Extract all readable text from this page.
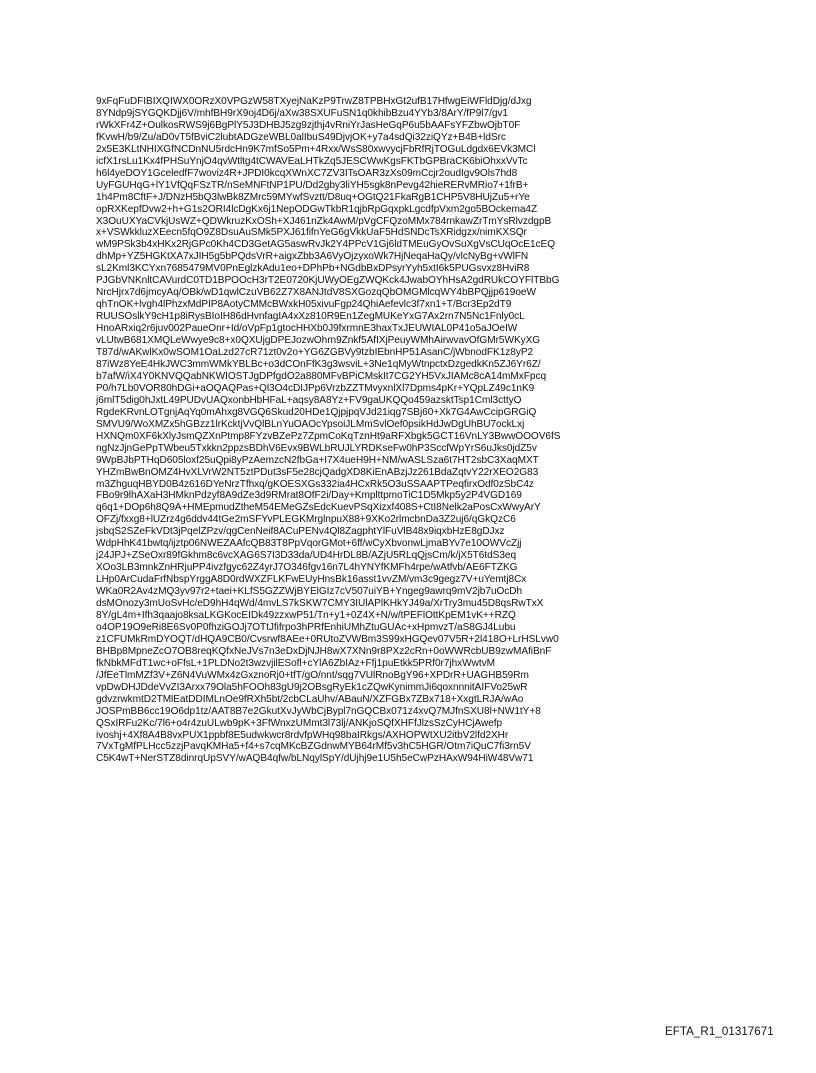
9xFqFuDFIBIXQIWX0ORzX0VPGzW58TXyejNaKzP9TrwZ8TPBHxGt2ufB17HfwgEiWFldDjg/dJxg
8YNdp9jSYGQKDjj6V/mhfBH9rX9oj4D6j/aXw38SXUFuSN1q0khibBzu4YYb3/8ArY/fP9l7/gv1
rWkXFr4Z+OulkosRWS9j6BgPlY5J3DHBJ5zg9zjthj4vRniYrJasHeGqP6u5bAAFsYFZbwOjbT0F
fKvwH/b9/Zu/aD0vT5fBviC2lubtADGzeWBL0alIbuS49DjvjOK+y7a4sdQi32ziQYz+B4B+ldSrc
2x5E3KLtNHIXGfNCDnNU5rdcHn9K7mfSo5Pm+4Rxx/WsS80xwvycjFbRfRjTOGuLdgdx6EVk3MCl
icfX1rsLu1Kx4fPHSuYnjO4qvWtltg4tCWAVEaLHTkZq5JESCWwKgsFKTbGPBraCK6biOhxxVvTc
h6l4yeDOY1GceledfF7woviz4R+JPDI0kcqXWnXC7ZV3ITsOAR3zXs09mCcjr2oudIgv9Ols7hd8
UyFGUHqG+lY1VfQqFSzTR/nSeMNFtNP1PU/Dd2gby3liYH5sgk8nPevg42hieRERvMRio7+1frB+
1h4Pm8CftF+J/DNzH5bQ3lwBk8ZMrc59MYwfSvztt/D8uq+OGtQ21FkaRgB1CHP5V8HUjZu5+rYe
opRXKepfDvw2+h+G1s2ORI4lcDgKx6j1NepODGwTkbR1qjbRpGqxpkLgcdfpVxm2go5BOckema4Z
X3OuUXYaCVkjUsWZ+QDWkruzKxOSh+XJ461nZk4AwM/pVgCFQzoMMx784rnkawZrTmYsRlvzdgpB
x+VSWkkluzXEecn5fqO9Z8DsuAuSMk5PXJ61fifnYeG6gVkkUaF5HdSNDcTsXRidgzx/nimKXSQr
wM9PSk3b4xHKx2RjGPc0Kh4CD3GetAG5aswRvJk2Y4PPcV1Gj6ldTMEuGyOvSuXgVsCUqOcE1cEQ
dhMp+YZ5HGKtXA7xJIH5g5bPQdsVrR+aigxZbb3A6VyOjzyxoWk7HjNeqaHaQy/vlcNyBg+vWlFN
sL2Kml3KCYxn7685479MV0PnEglzkAdu1eo+DPhPb+NGdbBxDPsyrYyh5xtI6k5PUGsvxz8HviR8
PJGbVNKnltCAVurdC0TD1BPOOcH3rT2E0720KjUWyOEgZWQKck4JwabOYhHsA2gdRUkCOYFlTBbG
NrcHjrx7d6jmcyAq/OBk/wD1qwlCzuVB62Z7X8ANJtdV8SXGozqQbOMGMlcqWY4bBPQjjp619oeW
qhTnOK+lvgh4lPhzxMdPIP8AotyCMMcBWxkH05xivuFgp24QhiAefevlc3f7xn1+T/Bcr3Ep2dT9
RUUSOslkY9cH1p8iRysBIoIH86dHvnfagIA4xXz810R9En1ZegMUKeYxG7Ax2rn7N5Nc1Fnly0cL
HnoARxiq2r6juv002PaueOnr+Id/oVpFp1gtocHHXb0J9fxrmnE3haxTxJEUWIAL0P41o5aJOeIW
vLUtwB681XMQLeWwye9c8+x0QXUjgDPEJozwOhrn9Znkf5AfIXjPeuyWMhAirwvavOfGMr5WKyXG
T87d/wAKwlKx0wSOM1OaLzd27cR71zt0v2o+YG6ZGBVy9tzbIEbnHP51AsanC/jWbnodFK1z8yP2
87iWz8YeE4HkJWC3mmWMkYBLBc+o3dCOnFfK3g3wsviL+3Ne1qMyWtnpctxDzgedkKn5ZJ6Yr6Z/
b7afW/iX4Y0KNVQQabNKWIOSTJgDPfgdO2a880MFvBPiCMskIt7CG2YH5VxJIAMc8cA14mMxFpcq
P0/h7Lb0VOR80hDGi+aOQAQPas+Ql3O4cDIJPp6VrzbZZTMvyxnlXl7Dpms4pKr+YQpLZ49c1nK9
j6mlT5dig0hJxtL49PUDvUAQxonbHbHFaL+aqsy8A8Yz+FV9gaUKQQo459azsktTsp1Cml3cttyO
RgdeKRvnLOTgnjAqYq0mAhxg8VGQ6Skud20HDe1QjpjpqVJd21iqg7SBj60+Xk7G4AwCcipGRGiQ
SMVU9/WoXMZx5hGBzz1lrKcktjVvQlBLnYuOAOcYpsoiJLMmSvlOef0psikHdJwDgUhBU7ockLxj
HXNQm0XF6kXlyJsmQZXnPtmp8FYzvBZePz7ZpmCoKqTznHt9aRFXbgk5GCT16VnLY3BwwOOOV6fS
ngNzJjnGePpTWbeu5Txkkn2ppzsBDhV6Evx9BWLbRUJLYRDKseFw0hP3SccfWpYrS6uJks0jdZ5v
9WpBJbPTHqD605loxf25uQpi8yPzAemzcN2fbGa+I7X4ueH9H+NM/wASLSza6t7HT2sbC3XaqMXT
YHZmBwBnOMZ4HvXLVrW2NT5ztPDut3sF5e28cjQadgXD8KiEnABzjJz261BdaZqtvY22rXEO2G83
m3ZhguqHBYD0B4z616DYeNrzTfhxq/gKOESXGs332ia4HCxRk5O3uSSAAPTPeqfirxOdf0zSbC4z
FBo9r9lhAXaH3HMknPdzyf8A9dZe3d9RMrat8OfF2i/Day+KmplttpmoTiC1D5Mkp5y2P4VGD169
q6q1+DOp6h8Q9A+HMEpmudZtheM54EMeGZsEdcKuevPSqXizxf408S+CtI8Nelk2aPosCxWwyArY
OFZj/fxxg8+lUZrz4g6ddv44tGe2mSFYvPLEGKMrglnpuX88+9XKo2rlmcbnDa3Z2uj6/qGkQzC6
jsbqS2SZeFkVDt3jPqelZPzv/qgCenNeif8ACuPENv4Ql8ZagphtYlFuVlB48x9iqxbHzE8gDJxz
WdpHhK41bwtq/ijztp06NWEZAAfcQB83T8PpVqorGMot+6ff/wCyXbvonwLjmaBYv7e10OWVcZjj
j24JPJ+ZSeOxr89fGkhm8c6vcXAG6S7I3D33da/UD4HrDL8B/AZjU5RLqQjsCm/k/jX5T6tdS3eq
XOo3LB3mnkZnHRjuPP4ivzfgyc62Z4yrJ7O346fgv16n7L4hYNYfKMFh4rpe/wAtfvb/AE6FTZKG
LHp0ArCudaFrfNbspYrggA8D0rdWXZFLKFwEUyHnsBk16asst1vvZM/vm3c9gegz7V+uYemtj8Cx
WKa0R2Av4zMQ3yv97r2+taei+KLfS5GZZWjBYElGIz7cV507uiYB+Yngeg9awrq9mV2jb7uOcDh
dsMOnozy3mUoSvHc/eD9hH4qWd/4mvLS7kSKW7CMY3IUlAPlKHkYJ49a/XrTry3mu45D8qsRwTxX
8Y/gL4m+Ifh3qaajo8ksaLKGKocEIDk49zzxwP51/Tn+y1+0Z4X+N/w/tPEFlOttKpEM1vK++RZQ
o4OP19O9eRi8E6Sv0P0fhziGOJj7OTtJfifrpo3hPRfEnhiUMhZtuGUAc+xHpmvzT/aS8GJ4Lubu
z1CFUMkRmDYOQT/dHQA9CB0/Cvsrwf8AEe+0RUtoZVWBm3S99xHGQev07V5R+2l418O+LrHSLvw0
BHBp8MpneZcO7OB8reqKQfxNeJVs7n3eDxDjNJH8wX7XNn9r8PXz2cRn+0oWWRcbUB9zwMAfiBnF
fkNbkMFdT1wc+oFfsL+1PLDNo2t3wzvjilESofl+cYlA6ZbIAz+Ffj1puEtkk5PRf0r7jhxWwtvM
/JfEeTlmMZf3V+Z6N4VuWMx4zGxznoRj0+tfT/gO/nnt/sqg7VUlRnoBgY96+XPDrR+UAGHB59Rm
vpDwDHJDdeVvZI3Arxx79Ola5hFOOh83gU9j2OBsgRyEk1cZQwKynimmJi6qoxnnnitAIFVo25wR
gdvzrwkmtD2TMlEatDDIMLnOe9fRXh5bt/2cbCLaUhv/ABauN/XZFGBx7ZBx718+XxgtLRJA/wAo
JOSPmBB6cc19O6dp1tz/AAT8B7e2GkutXvJyWbCjBypl7nGQCBx071z4xvQ7MJfnSXU8l+NW1tY+8
QSxIRFu2Kc/7l6+o4r4zuULwb9pK+3FfWnxzUMmt3l73lj/ANKjoSQfXHFfJlzsSzCyHCjAwefp
ivoshj+4Xf8A4B8vxPUX1ppbf8E5udwkwcr8rdvfpWHq98baIRkgs/AXHOPWtXU2itbV2lfd2XHr
7VxTgMfPLHcc5zzjPavqKMHa5+f4+s7cqMKcBZGdnwMYB64rMf5v3hC5HGR/Otm7iQuC7fi3rn5V
C5K4wT+NerSTZ8dinrqUpSVY/wAQB4qfw/bLNqylSpY/dUjhj9e1U5h5eCwPzHAxW94HiW48Vw71
EFTA_R1_01317671
